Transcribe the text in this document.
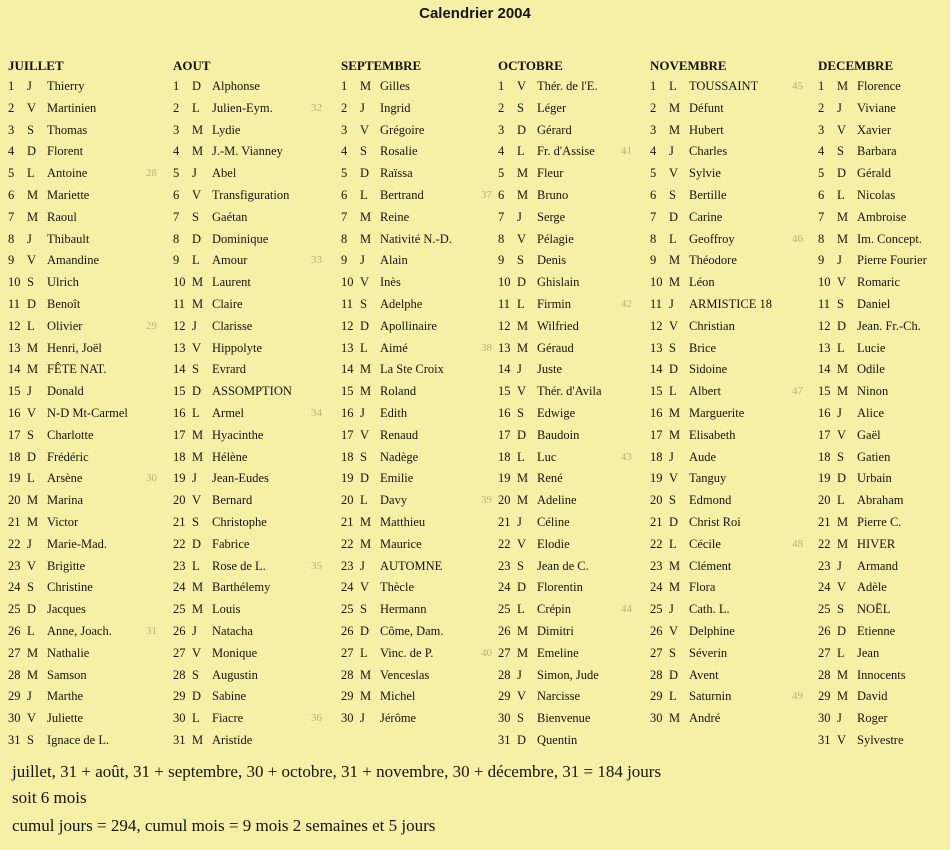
Calendrier 2004
JUILLET
1 J Thierry
2 V Martinien
3 S Thomas
4 D Florent
5 L Antoine	28
6 M Mariette
7 M Raoul
8 J Thibault
9 V Amandine
10 S Ulrich
11 D Benoît
12 L Olivier	29
13 M Henri, Joël
14 M FÊTE NAT.
15 J Donald
16 V N-D Mt-Carmel
17 S Charlotte
18 D Frédéric
19 L Arsène	30
20 M Marina
21 M Victor
22 J Marie-Mad.
23 V Brigitte
24 S Christine
25 D Jacques
26 L Anne, Joach.	31
27 M Nathalie
28 M Samson
29 J Marthe
30 V Juliette
31 S Ignace de L.
AOUT
1 D Alphonse
2 L Julien-Eym.	32
3 M Lydie
4 M J.-M. Vianney
5 J Abel
6 V Transfiguration
7 S Gaétan
8 D Dominique
9 L Amour	33
10 M Laurent
11 M Claire
12 J Clarisse
13 V Hippolyte
14 S Evrard
15 D ASSOMPTION
16 L Armel	34
17 M Hyacinthe
18 M Hélène
19 J Jean-Eudes
20 V Bernard
21 S Christophe
22 D Fabrice
23 L Rose de L.	35
24 M Barthélemy
25 M Louis
26 J Natacha
27 V Monique
28 S Augustin
29 D Sabine
30 L Fiacre	36
31 M Aristide
SEPTEMBRE
1 M Gilles
2 J Ingrid
3 V Grégoire
4 S Rosalie
5 D Raïssa
6 L Bertrand	37
7 M Reine
8 M Nativité N.-D.
9 J Alain
10 V Inès
11 S Adelphe
12 D Apollinaire
13 L Aimé	38
14 M La Ste Croix
15 M Roland
16 J Edith
17 V Renaud
18 S Nadège
19 D Emilie
20 L Davy	39
21 M Matthieu
22 M Maurice
23 J AUTOMNE
24 V Thècle
25 S Hermann
26 D Côme, Dam.
27 L Vinc. de P.	40
28 M Venceslas
29 M Michel
30 J Jérôme
OCTOBRE
1 V Thér. de l'E.
2 S Léger
3 D Gérard
4 L Fr. d'Assise 41
5 M Fleur
6 M Bruno
7 J Serge
8 V Pélagie
9 S Denis
10 D Ghislain
11 L Firmin	42
12 M Wilfried
13 M Géraud
14 J Juste
15 V Thér. d'Avila
16 S Edwige
17 D Baudoin
18 L Luc	43
19 M René
20 M Adeline
21 J Céline
22 V Elodie
23 S Jean de C.
24 D Florentin
25 L Crépin	44
26 M Dimitri
27 M Emeline
28 J Simon, Jude
29 V Narcisse
30 S Bienvenue
31 D Quentin
NOVEMBRE
1 L TOUSSAINT	45
2 M Défunt
3 M Hubert
4 J Charles
5 V Sylvie
6 S Bertille
7 D Carine
8 L Geoffroy	46
9 M Théodore
10 M Léon
11 J ARMISTICE 18
12 V Christian
13 S Brice
14 D Sidoine
15 L Albert	47
16 M Marguerite
17 M Elisabeth
18 J Aude
19 V Tanguy
20 S Edmond
21 D Christ Roi
22 L Cécile	48
23 M Clément
24 M Flora
25 J Cath. L.
26 V Delphine
27 S Séverin
28 D Avent
29 L Saturnin	49
30 M André
DECEMBRE
1 M Florence
2 J Viviane
3 V Xavier
4 S Barbara
5 D Gérald
6 L Nicolas
7 M Ambroise
8 M Im. Concept.
9 J Pierre Fourier
10 V Romaric
11 S Daniel
12 D Jean. Fr.-Ch.
13 L Lucie
14 M Odile
15 M Ninon
16 J Alice
17 V Gaël
18 S Gatien
19 D Urbain
20 L Abraham
21 M Pierre C.
22 M HIVER
23 J Armand
24 V Adèle
25 S NOËL
26 D Etienne
27 L Jean
28 M Innocents
29 M David
30 J Roger
31 V Sylvestre
juillet, 31 + août, 31 + septembre, 30 + octobre, 31 + novembre, 30 + décembre, 31 = 184 jours
soit 6 mois
cumul jours = 294, cumul mois = 9 mois 2 semaines et 5 jours
